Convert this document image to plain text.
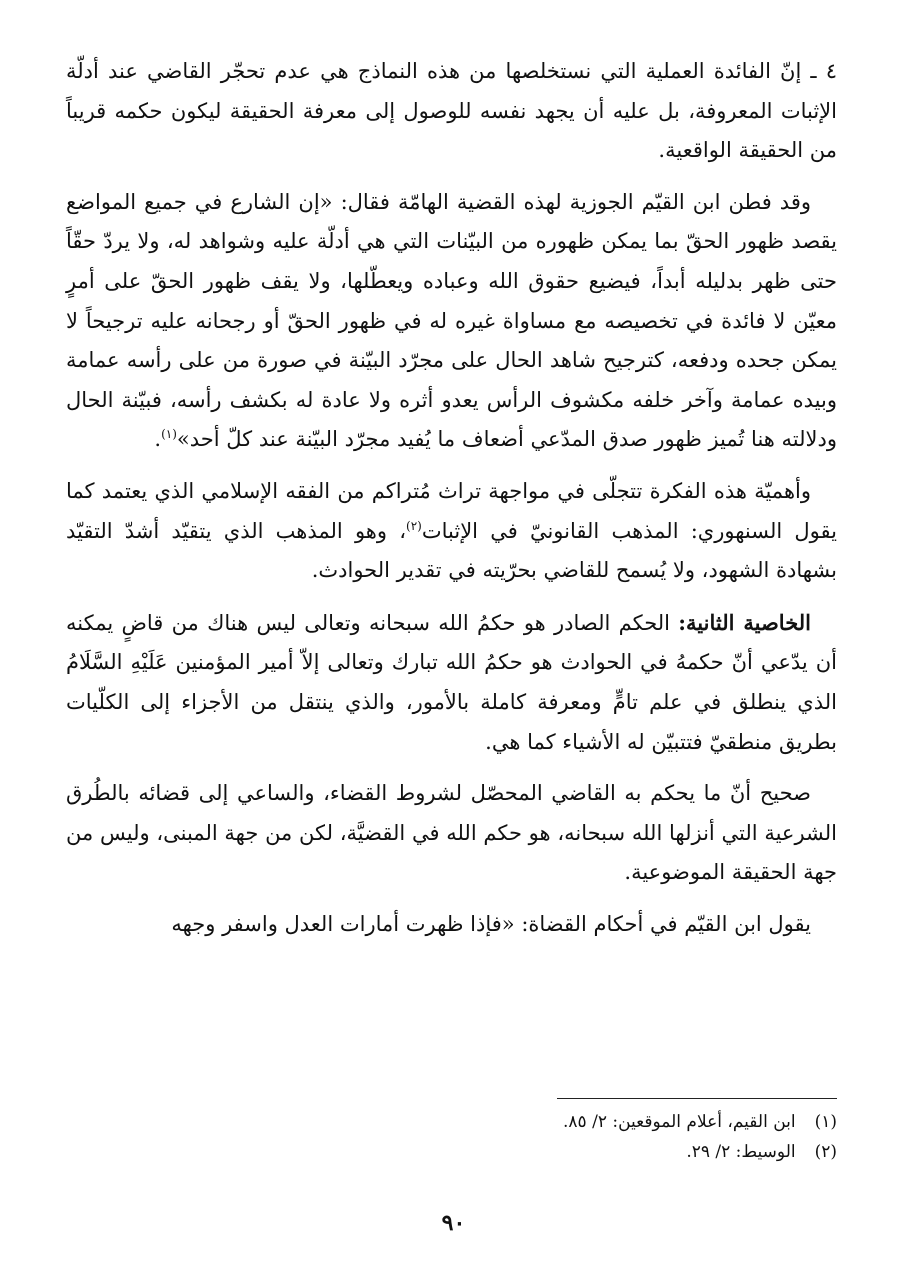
٤ ـ إنّ الفائدة العملية التي نستخلصها من هذه النماذج هي عدم تحجّر القاضي عند أدلّة الإثبات المعروفة، بل عليه أن يجهد نفسه للوصول إلى معرفة الحقيقة ليكون حكمه قريباً من الحقيقة الواقعية.

وقد فطن ابن القيّم الجوزية لهذه القضية الهامّة فقال: «إن الشارع في جميع المواضع يقصد ظهور الحقّ بما يمكن ظهوره من البيّنات التي هي أدلّة عليه وشواهد له، ولا يردّ حقّاً حتى ظهر بدليله أبداً، فيضيع حقوق الله وعباده ويعطّلها، ولا يقف ظهور الحقّ على أمرٍ معيّن لا فائدة في تخصيصه مع مساواة غيره له في ظهور الحقّ أو رجحانه عليه ترجيحاً لا يمكن جحده ودفعه، كترجيح شاهد الحال على مجرّد البيّنة في صورة من على رأسه عمامة وبيده عمامة وآخر خلفه مكشوف الرأس يعدو أثره ولا عادة له بكشف رأسه، فبيّنة الحال ودلالته هنا تُميز ظهور صدق المدّعي أضعاف ما يُفيد مجرّد البيّنة عند كلّ أحد»$^{(١)}$.

وأهميّة هذه الفكرة تتجلّى في مواجهة تراث مُتراكم من الفقه الإسلامي الذي يعتمد كما يقول السنهوري: المذهب القانونيّ في الإثبات$^{(٢)}$، وهو المذهب الذي يتقيّد أشدّ التقيّد بشهادة الشهود، ولا يُسمح للقاضي بحرّيته في تقدير الحوادث.

الخاصية الثانية: الحكم الصادر هو حكمُ الله سبحانه وتعالى ليس هناك من قاضٍ يمكنه أن يدّعي أنّ حكمهُ في الحوادث هو حكمُ الله تبارك وتعالى إلاّ أمير المؤمنين عَلَيْهِ السَّلَامُ الذي ينطلق في علم تامٍّ ومعرفة كاملة بالأمور، والذي ينتقل من الأجزاء إلى الكلّيات بطريق منطقيّ فتتبيّن له الأشياء كما هي.

صحيح أنّ ما يحكم به القاضي المحصّل لشروط القضاء، والساعي إلى قضائه بالطُرق الشرعية التي أنزلها الله سبحانه، هو حكم الله في القضيَّة، لكن من جهة المبنى، وليس من جهة الحقيقة الموضوعية.

يقول ابن القيّم في أحكام القضاة: «فإذا ظهرت أمارات العدل واسفر وجهه

(١) ابن القيم، أعلام الموقعين: ٢/ ٨٥.
(٢) الوسيط: ٢/ ٢٩.
٩٠
